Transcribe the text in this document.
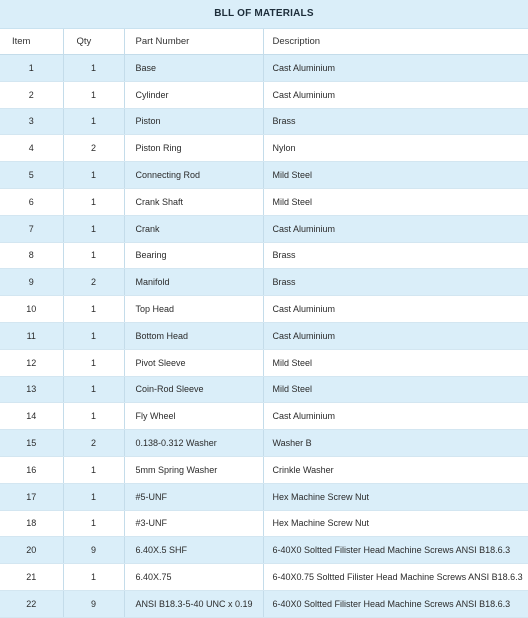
BLL OF MATERIALS
Item	Qty	Part Number	Description
1	1	Base	Cast Aluminium
2	1	Cylinder	Cast Aluminium
3	1	Piston	Brass
4	2	Piston Ring	Nylon
5	1	Connecting Rod	Mild Steel
6	1	Crank Shaft	Mild Steel
7	1	Crank	Cast Aluminium
8	1	Bearing	Brass
9	2	Manifold	Brass
10	1	Top Head	Cast Aluminium
11	1	Bottom Head	Cast Aluminium
12	1	Pivot Sleeve	Mild Steel
13	1	Coin-Rod Sleeve	Mild Steel
14	1	Fly Wheel	Cast Aluminium
15	2	0.138-0.312 Washer	Washer B
16	1	5mm Spring Washer	Crinkle Washer
17	1	#5-UNF	Hex Machine Screw Nut
18	1	#3-UNF	Hex Machine Screw Nut
20	9	6.40X.5 SHF	6-40X0 Soltted Filister Head Machine Screws ANSI B18.6.3
21	1	6.40X.75	6-40X0.75 Soltted Filister Head Machine Screws ANSI B18.6.3
22	9	ANSI B18.3-5-40 UNC x 0.19	6-40X0 Soltted Filister Head Machine Screws ANSI B18.6.3
